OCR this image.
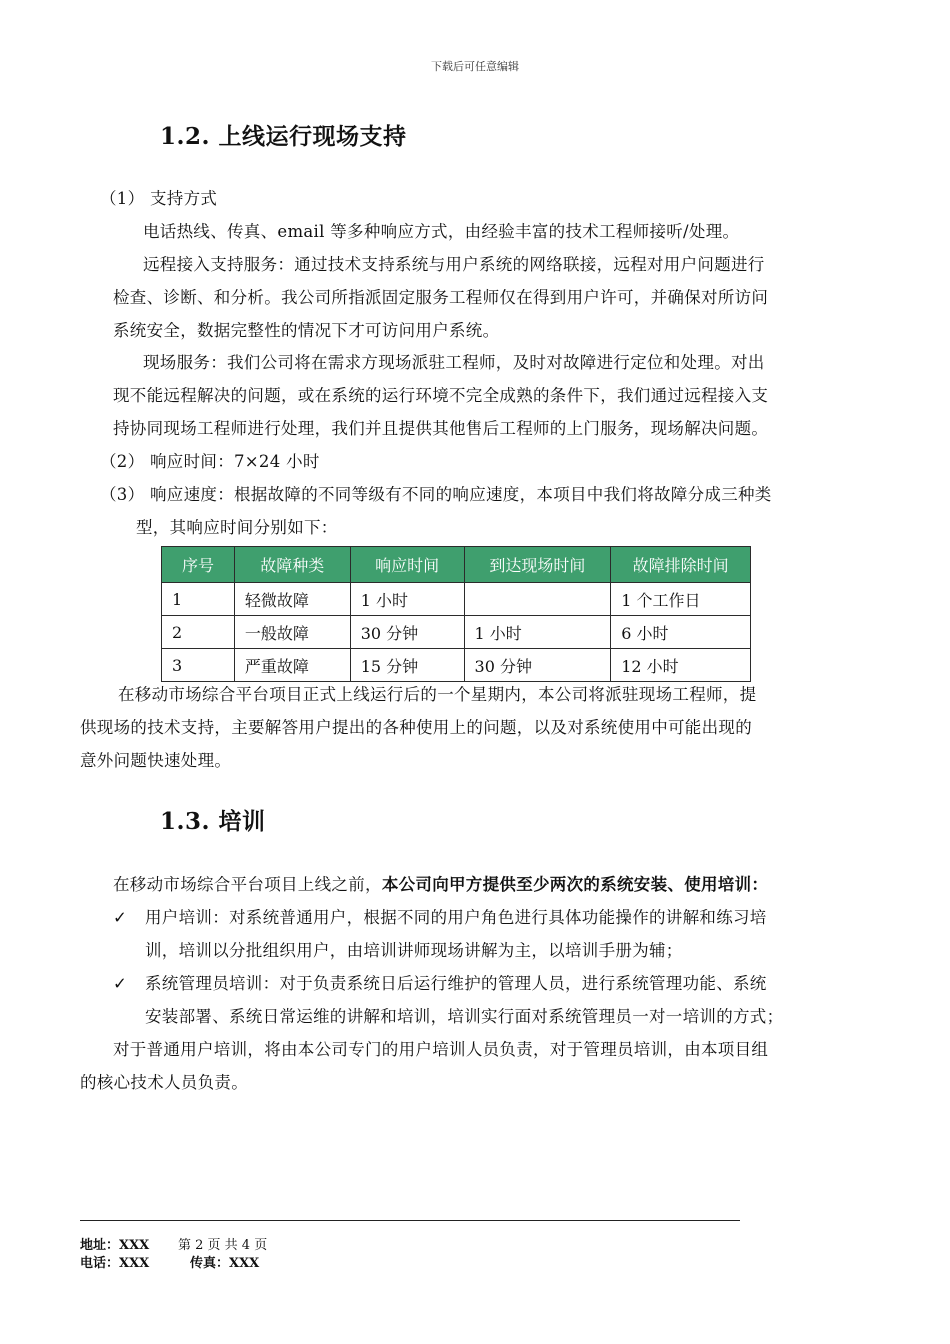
下载后可任意编辑
1.2. 上线运行现场支持
（1） 支持方式
电话热线、传真、email 等多种响应方式，由经验丰富的技术工程师接听/处理。
远程接入支持服务：通过技术支持系统与用户系统的网络联接，远程对用户问题进行
检查、诊断、和分析。我公司所指派固定服务工程师仅在得到用户许可，并确保对所访问
系统安全，数据完整性的情况下才可访问用户系统。
现场服务：我们公司将在需求方现场派驻工程师，及时对故障进行定位和处理。对出
现不能远程解决的问题，或在系统的运行环境不完全成熟的条件下，我们通过远程接入支
持协同现场工程师进行处理，我们并且提供其他售后工程师的上门服务，现场解决问题。
（2） 响应时间：7×24 小时
（3） 响应速度：根据故障的不同等级有不同的响应速度，本项目中我们将故障分成三种类
型，其响应时间分别如下：
序号	故障种类	响应时间	到达现场时间	故障排除时间
1	轻微故障	1 小时		1 个工作日
2	一般故障	30 分钟	1 小时	6 小时
3	严重故障	15 分钟	30 分钟	12 小时
在移动市场综合平台项目正式上线运行后的一个星期内，本公司将派驻现场工程师，提
供现场的技术支持，主要解答用户提出的各种使用上的问题，以及对系统使用中可能出现的
意外问题快速处理。
1.3. 培训
在移动市场综合平台项目上线之前，本公司向甲方提供至少两次的系统安装、使用培训：
✓ 用户培训：对系统普通用户，根据不同的用户角色进行具体功能操作的讲解和练习培
训，培训以分批组织用户，由培训讲师现场讲解为主，以培训手册为辅；
✓ 系统管理员培训：对于负责系统日后运行维护的管理人员，进行系统管理功能、系统
安装部署、系统日常运维的讲解和培训，培训实行面对系统管理员一对一培训的方式；
对于普通用户培训，将由本公司专门的用户培训人员负责，对于管理员培训，由本项目组
的核心技术人员负责。
地址：XXX 第 2 页 共 4 页
电话：XXX	传真：XXX
